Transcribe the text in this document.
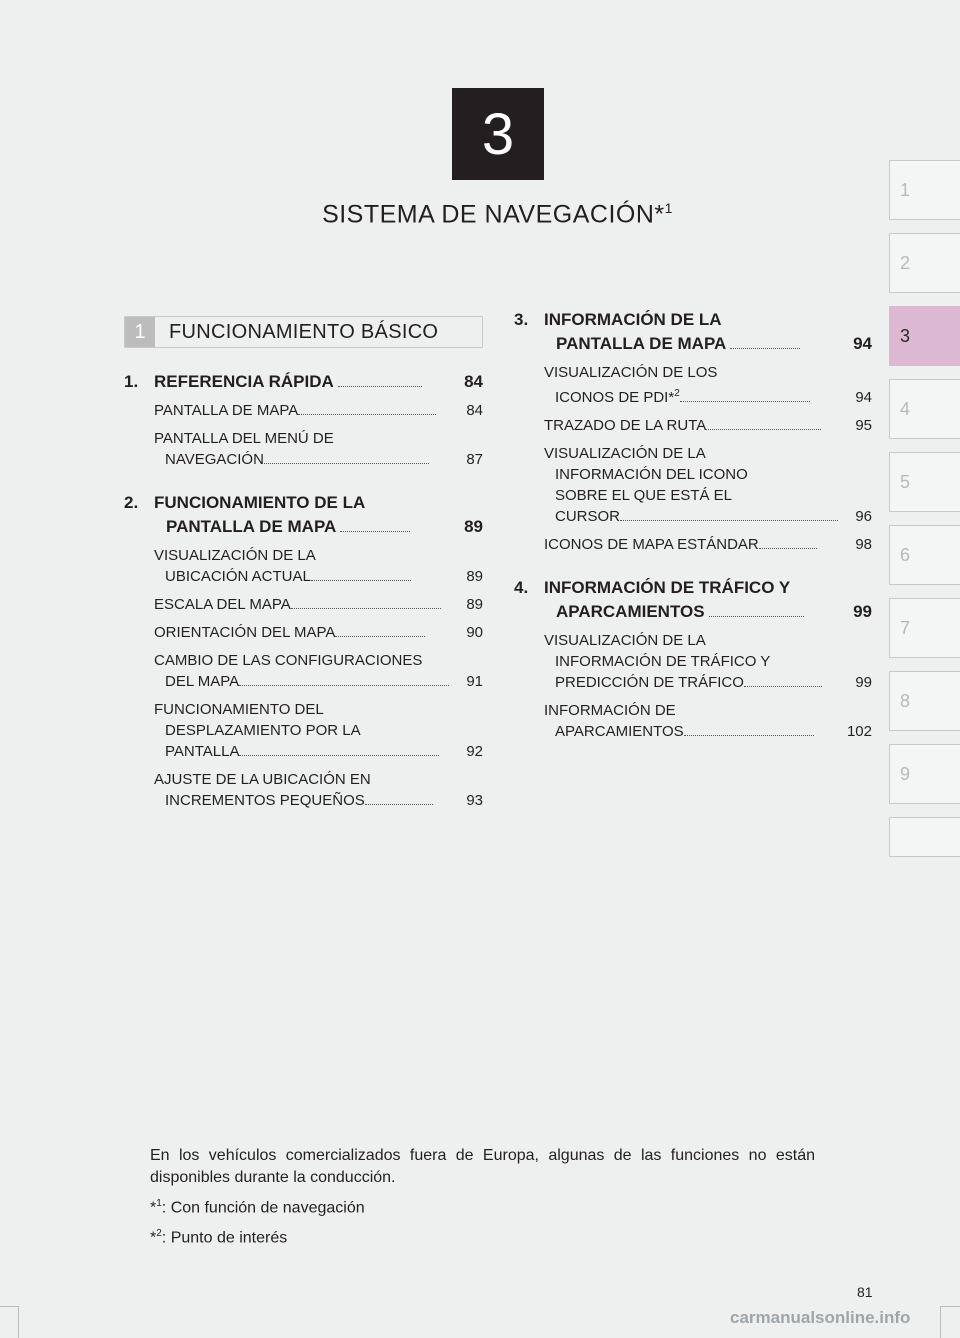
3
SISTEMA DE NAVEGACIÓN*$^1$
1
2
3
4
5
6
7
8
9
1	FUNCIONAMIENTO BÁSICO
1. REFERENCIA RÁPIDA	84
PANTALLA DE MAPA	84
PANTALLA DEL MENÚ DE
NAVEGACIÓN	87
2. FUNCIONAMIENTO DE LA
PANTALLA DE MAPA	89
VISUALIZACIÓN DE LA
UBICACIÓN ACTUAL	89
ESCALA DEL MAPA	89
ORIENTACIÓN DEL MAPA	90
CAMBIO DE LAS CONFIGURACIONES
DEL MAPA	91
FUNCIONAMIENTO DEL
DESPLAZAMIENTO POR LA
PANTALLA	92
AJUSTE DE LA UBICACIÓN EN
INCREMENTOS PEQUEÑOS	93
3. INFORMACIÓN DE LA
PANTALLA DE MAPA	94
VISUALIZACIÓN DE LOS
ICONOS DE PDI*$^2$	94
TRAZADO DE LA RUTA	95
VISUALIZACIÓN DE LA
INFORMACIÓN DEL ICONO
SOBRE EL QUE ESTÁ EL
CURSOR	96
ICONOS DE MAPA ESTÁNDAR	98
4. INFORMACIÓN DE TRÁFICO Y
APARCAMIENTOS	99
VISUALIZACIÓN DE LA
INFORMACIÓN DE TRÁFICO Y
PREDICCIÓN DE TRÁFICO	99
INFORMACIÓN DE
APARCAMIENTOS	102

En los vehículos comercializados fuera de Europa, algunas de las funciones no están disponibles durante la conducción.

*$^1$: Con función de navegación

*$^2$: Punto de interés

81
carmanualsonline.info
